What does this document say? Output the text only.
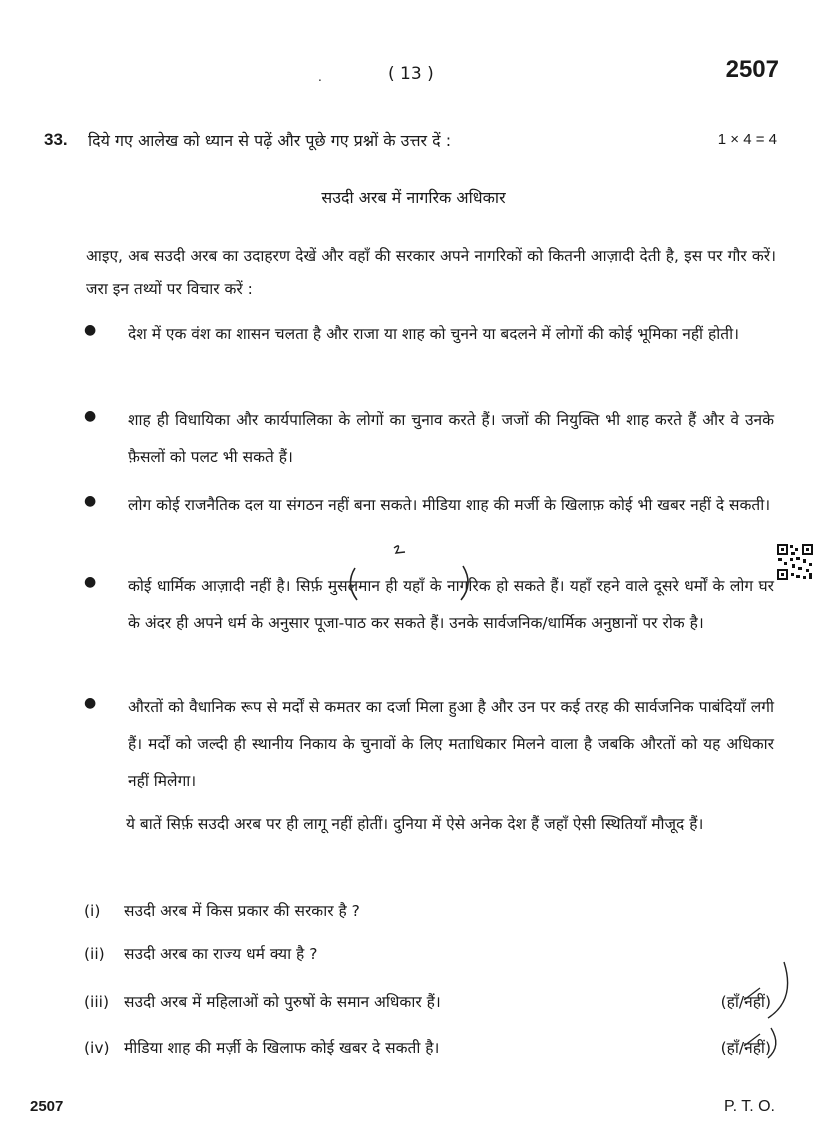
.	( 13 )	2507
33. दिये गए आलेख को ध्यान से पढ़ें और पूछे गए प्रश्नों के उत्तर दें :	1 × 4 = 4
सउदी अरब में नागरिक अधिकार
आइए, अब सउदी अरब का उदाहरण देखें और वहाँ की सरकार अपने नागरिकों को कितनी आज़ादी देती है, इस पर गौर करें। जरा इन तथ्यों पर विचार करें :
● देश में एक वंश का शासन चलता है और राजा या शाह को चुनने या बदलने में लोगों की कोई भूमिका नहीं होती।
● शाह ही विधायिका और कार्यपालिका के लोगों का चुनाव करते हैं। जजों की नियुक्ति भी शाह करते हैं और वे उनके फ़ैसलों को पलट भी सकते हैं।
● लोग कोई राजनैतिक दल या संगठन नहीं बना सकते। मीडिया शाह की मर्जी के खिलाफ़ कोई भी खबर नहीं दे सकती।
● कोई धार्मिक आज़ादी नहीं है। सिर्फ़ मुसलमान ही यहाँ के नागरिक हो सकते हैं। यहाँ रहने वाले दूसरे धर्मों के लोग घर के अंदर ही अपने धर्म के अनुसार पूजा-पाठ कर सकते हैं। उनके सार्वजनिक/धार्मिक अनुष्ठानों पर रोक है।
● औरतों को वैधानिक रूप से मर्दों से कमतर का दर्जा मिला हुआ है और उन पर कई तरह की सार्वजनिक पाबंदियाँ लगी हैं। मर्दों को जल्दी ही स्थानीय निकाय के चुनावों के लिए मताधिकार मिलने वाला है जबकि औरतों को यह अधिकार नहीं मिलेगा।
ये बातें सिर्फ़ सउदी अरब पर ही लागू नहीं होतीं। दुनिया में ऐसे अनेक देश हैं जहाँ ऐसी स्थितियाँ मौजूद हैं।
(i) सउदी अरब में किस प्रकार की सरकार है ?
(ii) सउदी अरब का राज्य धर्म क्या है ?
(iii) सउदी अरब में महिलाओं को पुरुषों के समान अधिकार हैं।	(हाँ/नहीं)
(iv) मीडिया शाह की मर्ज़ी के खिलाफ कोई खबर दे सकती है।	(हाँ/नहीं)
2507	P. T. O.
